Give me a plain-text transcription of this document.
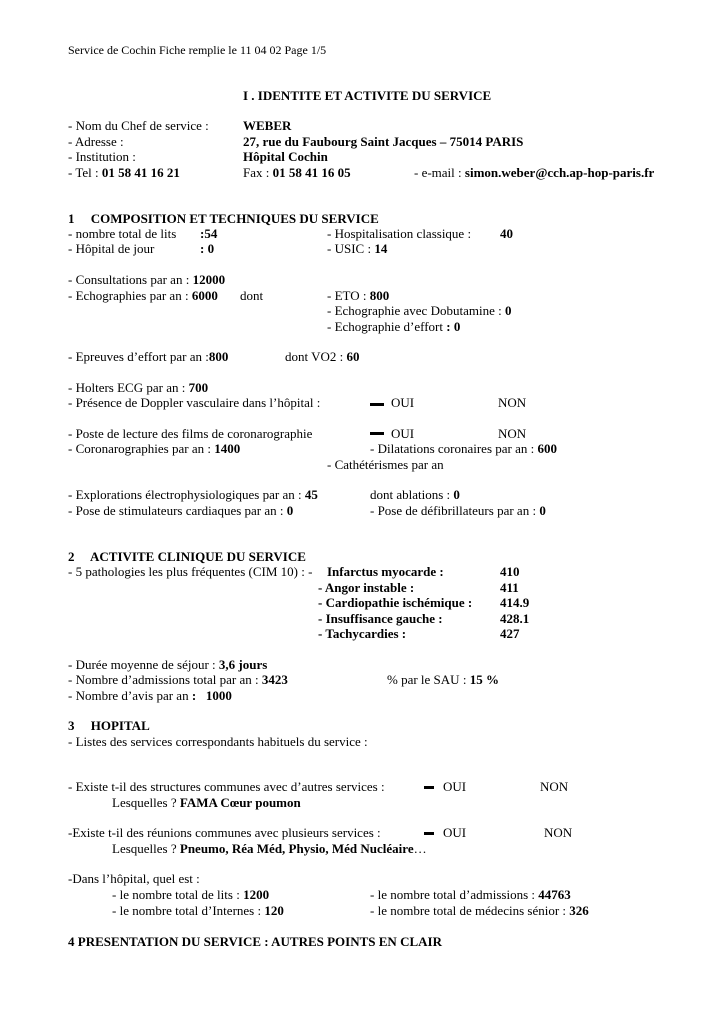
Service de Cochin Fiche remplie le 11 04 02 Page 1/5
I . IDENTITE ET ACTIVITE DU SERVICE
- Nom du Chef de service :	WEBER
- Adresse :	27, rue du Faubourg Saint Jacques – 75014 PARIS
- Institution :	Hôpital Cochin
- Tel : 01 58 41 16 21	Fax : 01 58 41 16 05	- e-mail : simon.weber@cch.ap-hop-paris.fr
1     COMPOSITION ET TECHNIQUES DU SERVICE
- nombre total de lits :54	- Hospitalisation classique : 40
- Hôpital de jour	: 0	- USIC : 14
- Consultations par an : 12000
- Echographies par an : 6000 dont	- ETO : 800
- Echographie avec Dobutamine : 0
- Echographie d’effort : 0
- Epreuves d’effort par an :800	dont VO2 : 60
- Holters ECG par an : 700
- Présence de Doppler vasculaire dans l’hôpital :	OUI	NON
- Poste de lecture des films de coronarographie	OUI	NON
- Coronarographies par an : 1400	- Dilatations coronaires par an : 600
- Cathétérismes par an
- Explorations électrophysiologiques par an : 45	dont ablations : 0
- Pose de stimulateurs cardiaques par an : 0	- Pose de défibrillateurs par an : 0
2     ACTIVITE CLINIQUE DU SERVICE
- 5 pathologies les plus fréquentes (CIM 10) : - Infarctus myocarde :	410
- Angor instable :	411
- Cardiopathie ischémique : 414.9
- Insuffisance gauche :	428.1
- Tachycardies :	427
- Durée moyenne de séjour : 3,6 jours
- Nombre d’admissions total par an : 3423	% par le SAU : 15 %
- Nombre d’avis par an :   1000
3     HOPITAL
- Listes des services correspondants habituels du service :
- Existe t-il des structures communes avec d’autres services :	OUI	NON
Lesquelles ? FAMA Cœur poumon
-Existe t-il des réunions communes avec plusieurs services :	OUI	NON
Lesquelles ? Pneumo, Réa Méd, Physio, Méd Nucléaire…
-Dans l’hôpital, quel est :
- le nombre total de lits : 1200	- le nombre total d’admissions : 44763
- le nombre total d’Internes : 120	- le nombre total de médecins sénior : 326
4 PRESENTATION DU SERVICE : AUTRES POINTS EN CLAIR
